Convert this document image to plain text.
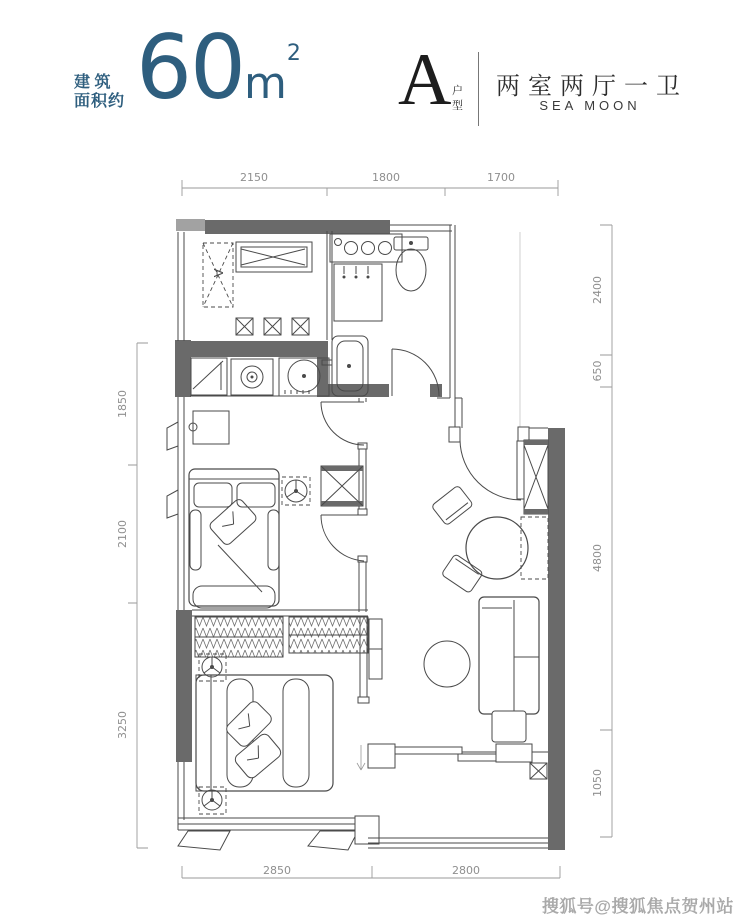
建 筑
面积约 60m2 A 户
型
两室两厅一卫
SEA MOON
2150	1800	1700
2850	2800
1850
2100
3250
2400
650
4800
1050
A
搜狐号@搜狐焦点贺州站
